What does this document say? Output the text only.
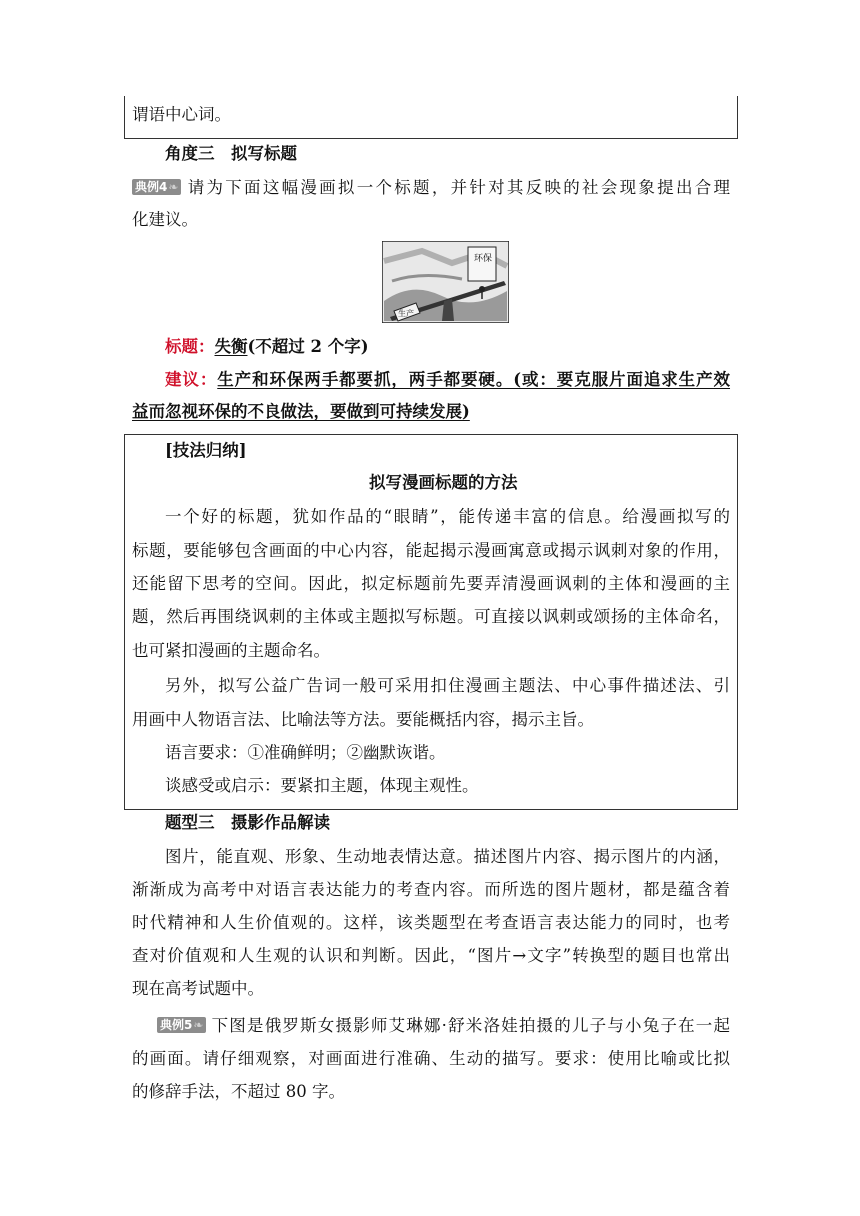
谓语中心词。
角度三　拟写标题
典例4❧ 请为下面这幅漫画拟一个标题，并针对其反映的社会现象提出合理
化建议。
生产
环保
标题：失衡(不超过 2 个字)
建议：生产和环保两手都要抓，两手都要硬。(或：要克服片面追求生产效
益而忽视环保的不良做法，要做到可持续发展)
[技法归纳]
拟写漫画标题的方法
一个好的标题，犹如作品的“眼睛”，能传递丰富的信息。给漫画拟写的
标题，要能够包含画面的中心内容，能起揭示漫画寓意或揭示讽刺对象的作用，
还能留下思考的空间。因此，拟定标题前先要弄清漫画讽刺的主体和漫画的主
题，然后再围绕讽刺的主体或主题拟写标题。可直接以讽刺或颂扬的主体命名，
也可紧扣漫画的主题命名。
另外，拟写公益广告词一般可采用扣住漫画主题法、中心事件描述法、引
用画中人物语言法、比喻法等方法。要能概括内容，揭示主旨。
语言要求：①准确鲜明；②幽默诙谐。
谈感受或启示：要紧扣主题，体现主观性。
题型三　摄影作品解读
图片，能直观、形象、生动地表情达意。描述图片内容、揭示图片的内涵，
渐渐成为高考中对语言表达能力的考查内容。而所选的图片题材，都是蕴含着
时代精神和人生价值观的。这样，该类题型在考查语言表达能力的同时，也考
查对价值观和人生观的认识和判断。因此，“图片→文字”转换型的题目也常出
现在高考试题中。
典例5❧ 下图是俄罗斯女摄影师艾琳娜·舒米洛娃拍摄的儿子与小兔子在一起
的画面。请仔细观察，对画面进行准确、生动的描写。要求：使用比喻或比拟
的修辞手法，不超过 80 字。
